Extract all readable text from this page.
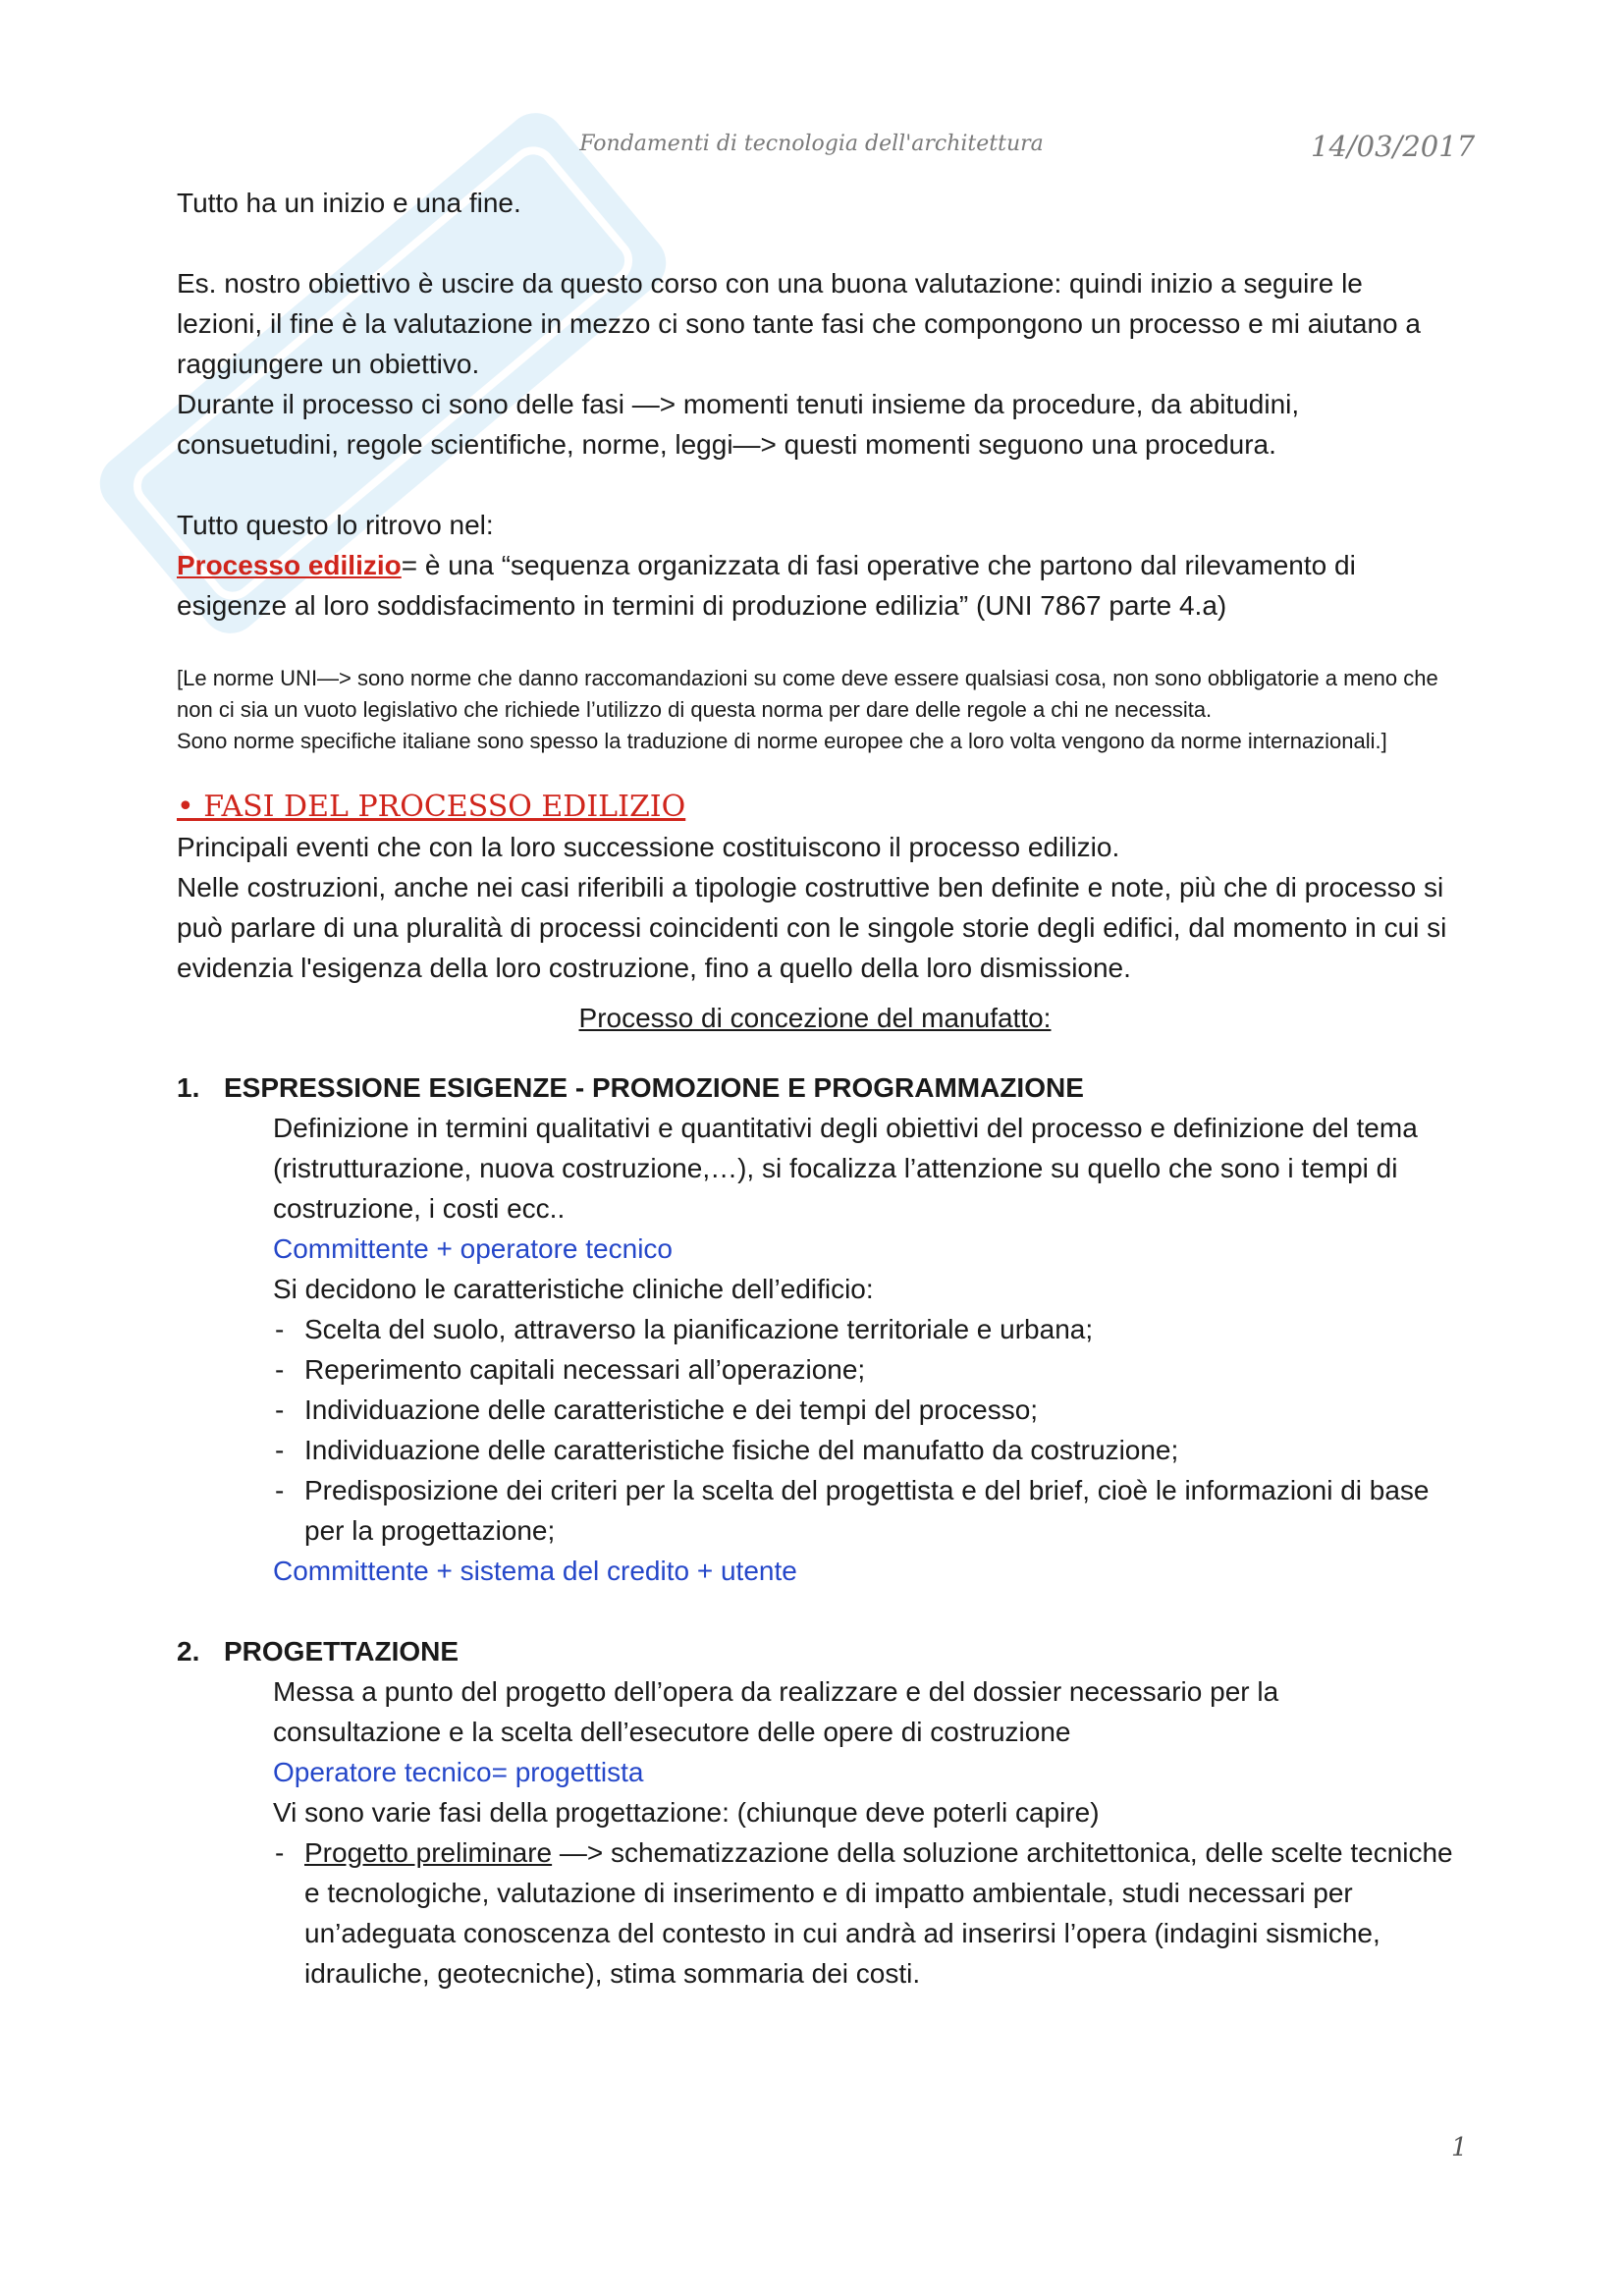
Fondamenti di tecnologia dell'architettura	14/03/2017

Tutto ha un inizio e una fine.

Es. nostro obiettivo è uscire da questo corso con una buona valutazione: quindi inizio a seguire le lezioni, il fine è la valutazione in mezzo ci sono tante fasi che compongono un processo e mi aiutano a raggiungere un obiettivo.

Durante il processo ci sono delle fasi —> momenti tenuti insieme da procedure, da abitudini, consuetudini, regole scientifiche, norme, leggi—> questi momenti seguono una procedura.

Tutto questo lo ritrovo nel:

Processo edilizio= è una “sequenza organizzata di fasi operative che partono dal rilevamento di esigenze al loro soddisfacimento in termini di produzione edilizia” (UNI 7867 parte 4.a)

[Le norme UNI—> sono norme che danno raccomandazioni su come deve essere qualsiasi cosa, non sono obbligatorie a meno che non ci sia un vuoto legislativo che richiede l’utilizzo di questa norma per dare delle regole a chi ne necessita.

Sono norme specifiche italiane sono spesso la traduzione di norme europee che a loro volta vengono da norme internazionali.]

• FASI DEL PROCESSO EDILIZIO

Principali eventi che con la loro successione costituiscono il processo edilizio.

Nelle costruzioni, anche nei casi riferibili a tipologie costruttive ben definite e note, più che di processo si può parlare di una pluralità di processi coincidenti con le singole storie degli edifici, dal momento in cui si evidenzia l'esigenza della loro costruzione, fino a quello della loro dismissione.

Processo di concezione del manufatto:

1. ESPRESSIONE ESIGENZE - PROMOZIONE E PROGRAMMAZIONE

Definizione in termini qualitativi e quantitativi degli obiettivi del processo e definizione del tema (ristrutturazione, nuova costruzione,…), si focalizza l’attenzione su quello che sono i tempi di costruzione, i costi ecc..

Committente + operatore tecnico

Si decidono le caratteristiche cliniche dell’edificio:

- Scelta del suolo, attraverso la pianificazione territoriale e urbana;
- Reperimento capitali necessari all’operazione;
- Individuazione delle caratteristiche e dei tempi del processo;
- Individuazione delle caratteristiche fisiche del manufatto da costruzione;
- Predisposizione dei criteri per la scelta del progettista e del brief, cioè le informazioni di base per la progettazione;

Committente + sistema del credito + utente

2. PROGETTAZIONE

Messa a punto del progetto dell’opera da realizzare e del dossier necessario per la consultazione e la scelta dell’esecutore delle opere di costruzione

Operatore tecnico= progettista

Vi sono varie fasi della progettazione: (chiunque deve poterli capire)

- Progetto preliminare —> schematizzazione della soluzione architettonica, delle scelte tecniche e tecnologiche, valutazione di inserimento e di impatto ambientale, studi necessari per un’adeguata conoscenza del contesto in cui andrà ad inserirsi l’opera (indagini sismiche, idrauliche, geotecniche), stima sommaria dei costi.
1
